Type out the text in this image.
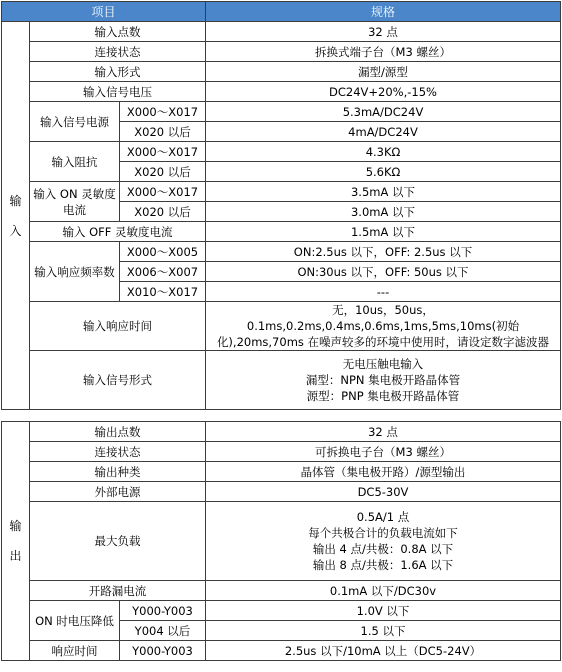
项目			规格
输
入	输入点数		32 点
	连接状态		拆换式端子台（M3 螺丝）
	输入形式		漏型/源型
	输入信号电压		DC24V+20%,-15%
	输入信号电源	X000～X017	5.3mA/DC24V
		X020 以后	4mA/DC24V
	输入阻抗	X000～X017	4.3KΩ
		X020 以后	5.6KΩ
	输入 ON 灵敏度电流	X000～X017	3.5mA 以下
		X020 以后	3.0mA 以下
	输入 OFF 灵敏度电流		1.5mA 以下
	输入响应频率数	X000～X005	ON:2.5us 以下，OFF: 2.5us 以下
		X006～X007	ON:30us 以下，OFF: 50us 以下
		X010～X017	---
	输入响应时间		无，10us，50us，0.1ms,0.2ms,0.4ms,0.6ms,1ms,5ms,10ms(初始化),20ms,70ms 在噪声较多的环境中使用时，请设定数字滤波器
	输入信号形式		无电压触电输入
漏型：NPN 集电极开路晶体管
源型：PNP 集电极开路晶体管
输
出	输出点数		32 点
	连接状态		可拆换电子台（M3 螺丝）
	输出种类		晶体管（集电极开路）/源型输出
	外部电源		DC5-30V
	最大负载		0.5A/1 点
每个共极合计的负载电流如下
输出 4 点/共极：0.8A 以下
输出 8 点/共极：1.6A 以下

	开路漏电流		0.1mA 以下/DC30v
	ON 时电压降低	Y000-Y003	1.0V 以下
		Y004 以后	1.5 以下
	响应时间	Y000-Y003	2.5us 以下/10mA 以上（DC5-24V）
